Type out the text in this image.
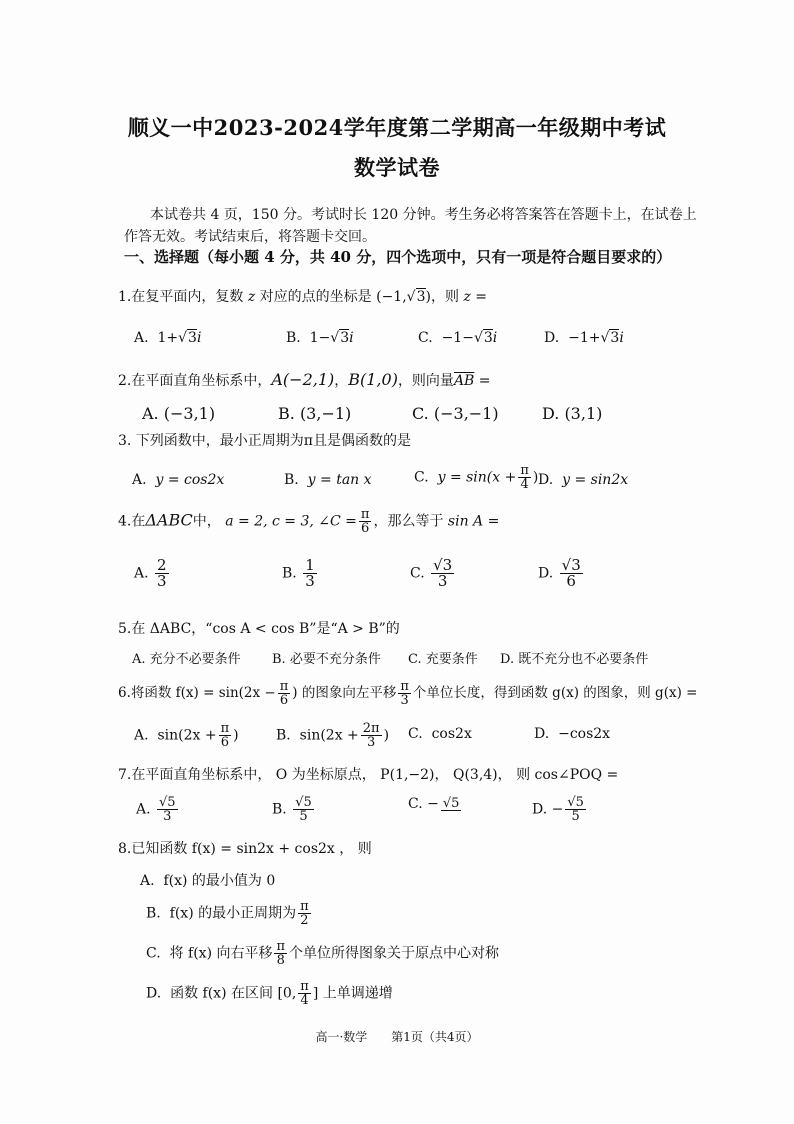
顺义一中2023-2024学年度第二学期高一年级期中考试
数学试卷
本试卷共 4 页，150 分。考试时长 120 分钟。考生务必将答案答在答题卡上，在试卷上
作答无效。考试结束后，将答题卡交回。
一、选择题（每小题 4 分，共 40 分，四个选项中，只有一项是符合题目要求的）
1.在复平面内，复数 z 对应的点的坐标是 (−1,√3)，则 z =
A. 1+√3i	B. 1−√3i	C. −1−√3i	D. −1+√3i
2.在平面直角坐标系中，A(−2,1)，B(1,0)，则向量$\overline{AB}$ =
A. (−3,1)	B. (3,−1)	C. (−3,−1)	D. (3,1)
3. 下列函数中，最小正周期为π且是偶函数的是
A. y = cos2x	B. y = tan x	C. $y = \sin(x + \frac{\pi}{4}$ ) D. y = sin2x
4.在ΔABC中， a = 2, c = 3, ∠C = $\frac{\pi}{6}$ ，那么等于 sin A =
A. $\frac{2}{3}$	B. $\frac{1}{3}$	C. $\frac{√3}{3}$	D. $\frac{√3}{6}$
5.在 ΔABC，“cos A < cos B”是“A > B”的
A. 充分不必要条件 B. 必要不充分条件 C. 充要条件 D. 既不充分也不必要条件
6.将函数 $f(x) = \sin(2x - \frac{\pi}{6}$ ) 的图象向左平移 $\frac{\pi}{3}$ 个单位长度，得到函数 g(x) 的图象，则 g(x) =
A. $\sin(2x + \frac{\pi}{6}$ )	B. $\sin(2x + \frac{2\pi}{3}$ ) C. cos2x	D. −cos2x
7.在平面直角坐标系中， O 为坐标原点， P(1,−2)， Q(3,4)， 则 cos∠POQ =
A. $\frac{√5}{3}$	B. $\frac{√5}{5}$	C. − √5	D. − $\frac{√5}{5}$
8.已知函数 f(x) = sin2x + cos2x ， 则
A. f(x) 的最小值为 0
B. f(x) 的最小正周期为 $\frac{\pi}{2}$
C. 将 f(x) 向右平移 $\frac{\pi}{8}$ 个单位所得图象关于原点中心对称
D. 函数 f(x) 在区间 [0, $\frac{\pi}{4}$ ] 上单调递增
高一·数学　　第1页（共4页）
